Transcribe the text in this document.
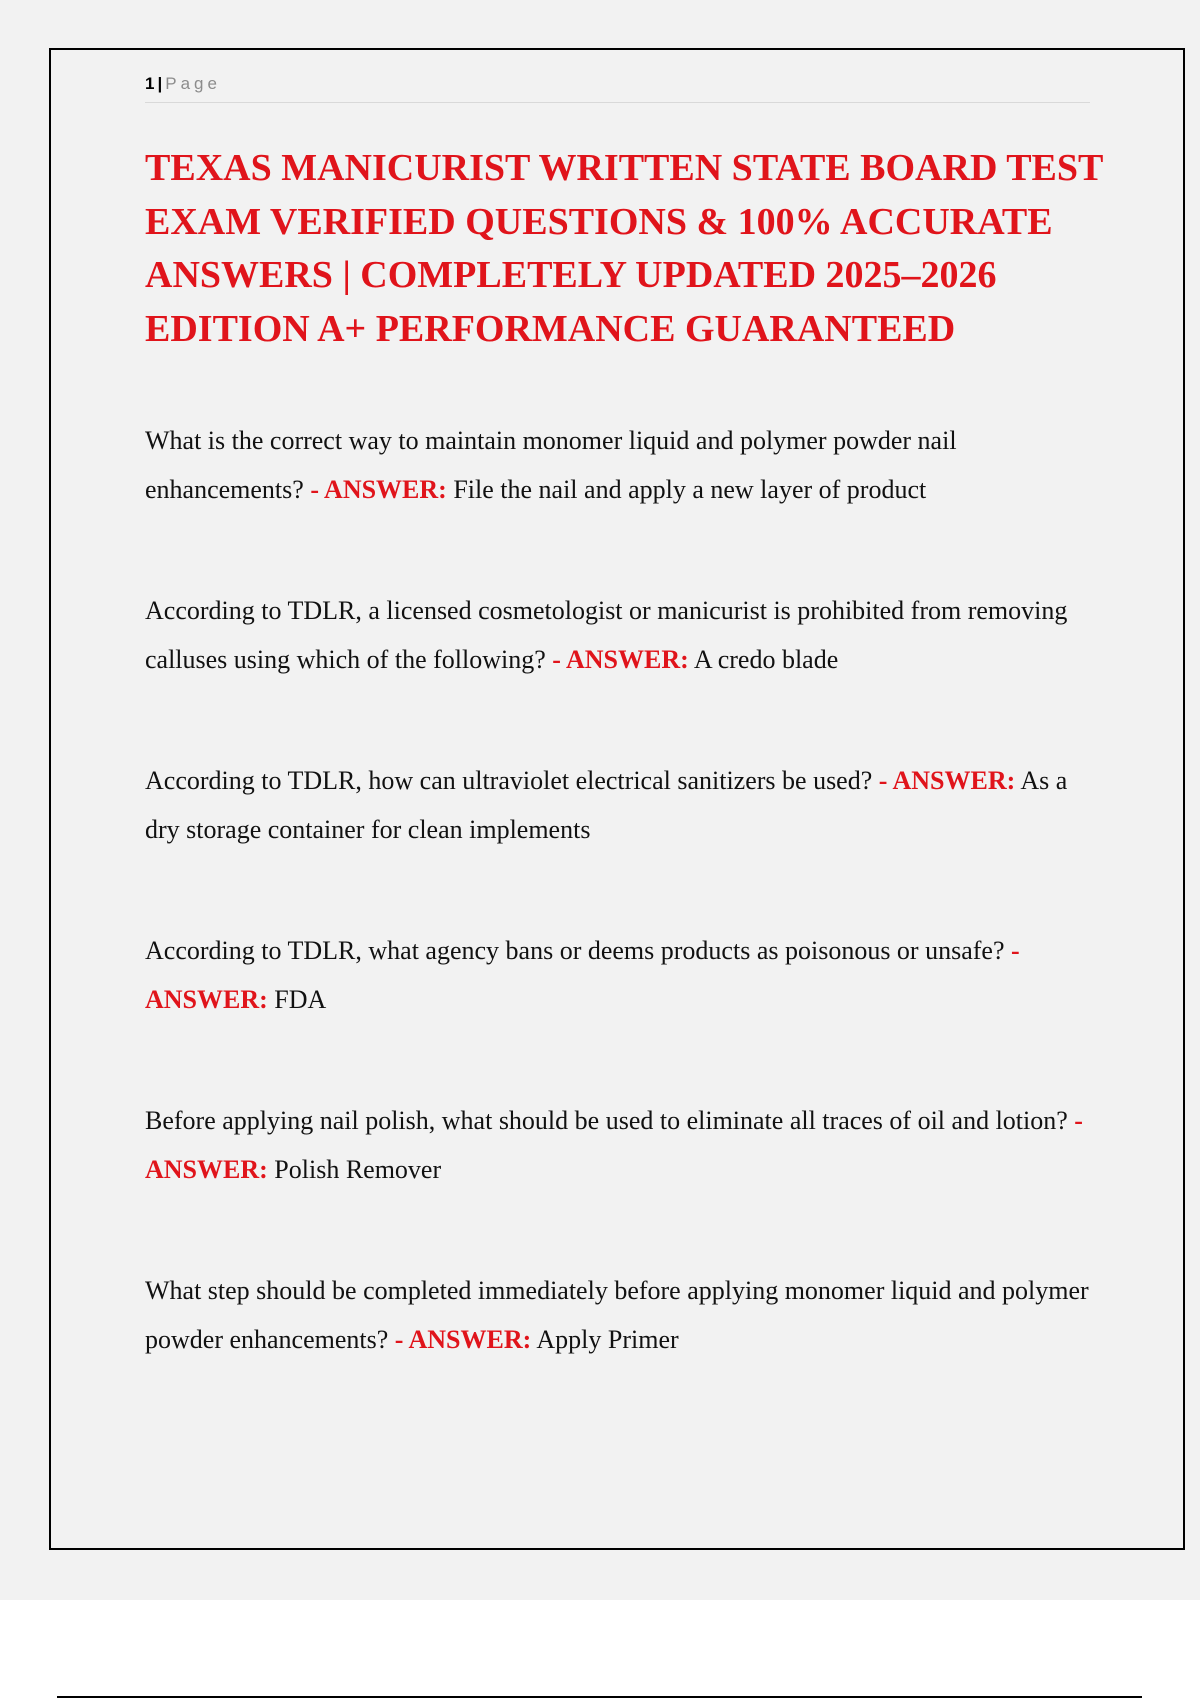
1 | Page
TEXAS MANICURIST WRITTEN STATE BOARD TEST EXAM VERIFIED QUESTIONS & 100% ACCURATE ANSWERS | COMPLETELY UPDATED 2025–2026 EDITION A+ PERFORMANCE GUARANTEED

What is the correct way to maintain monomer liquid and polymer powder nail enhancements? - ANSWER: File the nail and apply a new layer of product

According to TDLR, a licensed cosmetologist or manicurist is prohibited from removing calluses using which of the following? - ANSWER: A credo blade

According to TDLR, how can ultraviolet electrical sanitizers be used? - ANSWER: As a dry storage container for clean implements

According to TDLR, what agency bans or deems products as poisonous or unsafe? - ANSWER: FDA

Before applying nail polish, what should be used to eliminate all traces of oil and lotion? - ANSWER: Polish Remover

What step should be completed immediately before applying monomer liquid and polymer powder enhancements? - ANSWER: Apply Primer
